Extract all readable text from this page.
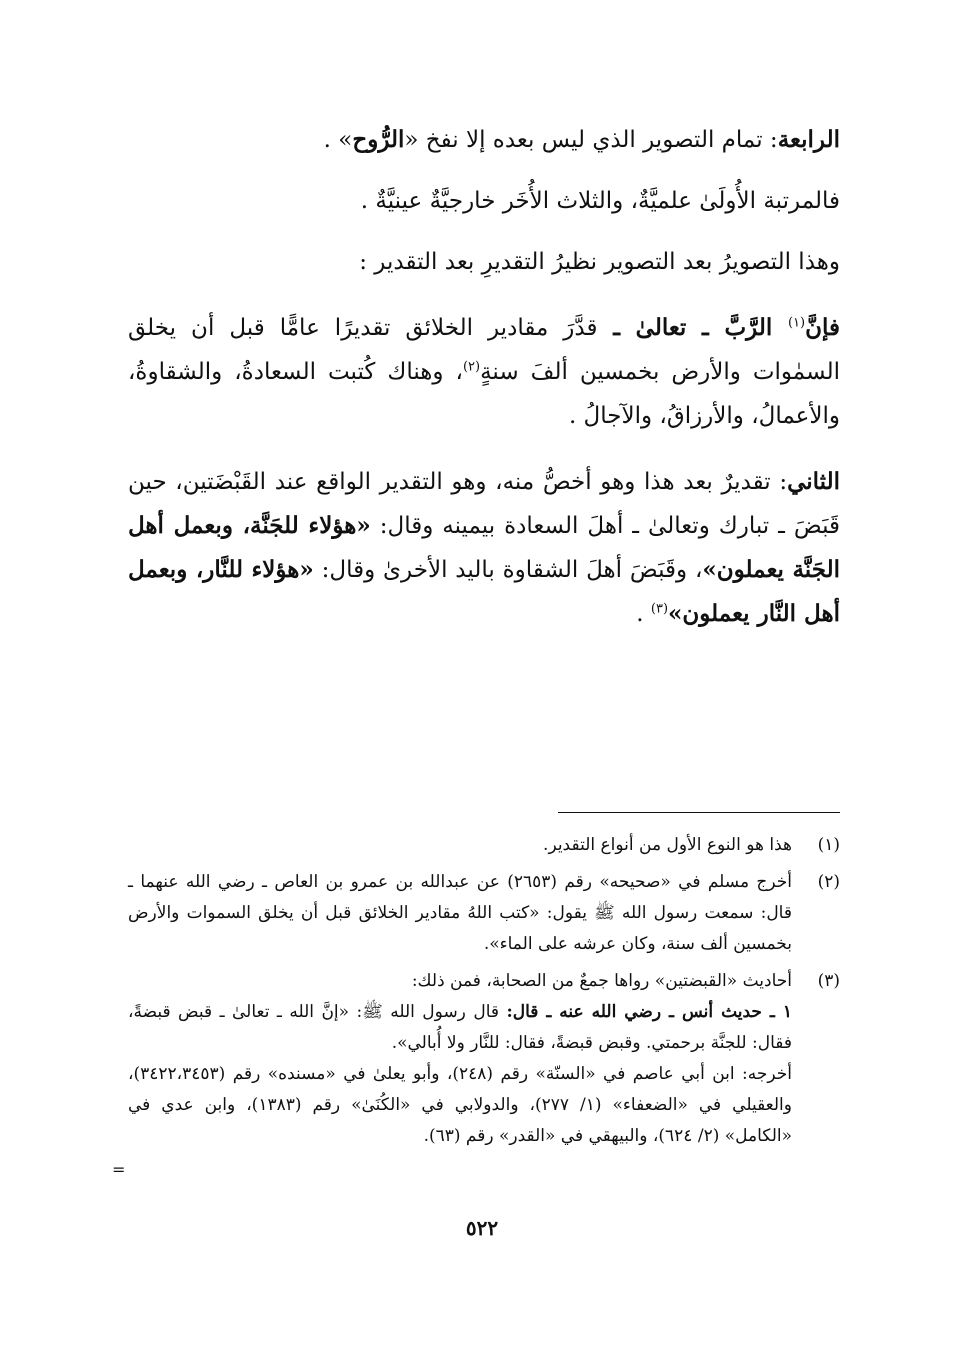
الرابعة: تمام التصوير الذي ليس بعده إلا نفخ «الرُّوح» .

فالمرتبة الأُولَىٰ علميَّةٌ، والثلاث الأُخَر خارجيَّةٌ عينيَّةٌ .

وهذا التصويرُ بعد التصوير نظيرُ التقديرِ بعد التقدير :

فإنَّ$^{(١)}$ الرَّبَّ ـ تعالىٰ ـ قدَّرَ مقادير الخلائق تقديرًا عامًّا قبل أن يخلق السمٰوات والأرض بخمسين ألفَ سنةٍ$^{(٢)}$، وهناك كُتبت السعادةُ، والشقاوةُ، والأعمالُ، والأرزاقُ، والآجالُ .

الثاني: تقديرٌ بعد هذا وهو أخصُّ منه، وهو التقدير الواقع عند القَبْضَتين، حين قَبَضَ ـ تبارك وتعالىٰ ـ أهلَ السعادة بيمينه وقال: «هؤلاء للجَنَّة، وبعمل أهل الجَنَّة يعملون»، وقَبَضَ أهلَ الشقاوة باليد الأخرىٰ وقال: «هؤلاء للنَّار، وبعمل أهل النَّار يعملون»$^{(٣)}$ .

(١)

هذا هو النوع الأول من أنواع التقدير.

(٢)

أخرج مسلم في «صحيحه» رقم (٢٦٥٣) عن عبدالله بن عمرو بن العاص ـ رضي الله عنهما ـ قال: سمعت رسول الله ﷺ يقول: «كتب اللهُ مقادير الخلائق قبل أن يخلق السموات والأرض بخمسين ألف سنة، وكان عرشه على الماء».

(٣)

أحاديث «القبضتين» رواها جمعٌ من الصحابة، فمن ذلك:

١ ـ حديث أنس ـ رضي الله عنه ـ قال: قال رسول الله ﷺ: «إنَّ الله ـ تعالىٰ ـ قبض قبضةً، فقال: للجنَّة برحمتي. وقبض قبضةً، فقال: للنَّار ولا أُبالي».

أخرجه: ابن أبي عاصم في «السنّة» رقم (٢٤٨)، وأبو يعلىٰ في «مسنده» رقم (٣٤٢٢،٣٤٥٣)، والعقيلي في «الضعفاء» (١/ ٢٧٧)، والدولابي في «الكُنَىٰ» رقم (١٣٨٣)، وابن عدي في «الكامل» (٢/ ٦٢٤)، والبيهقي في «القدر» رقم (٦٣).

=
٥٢٢
